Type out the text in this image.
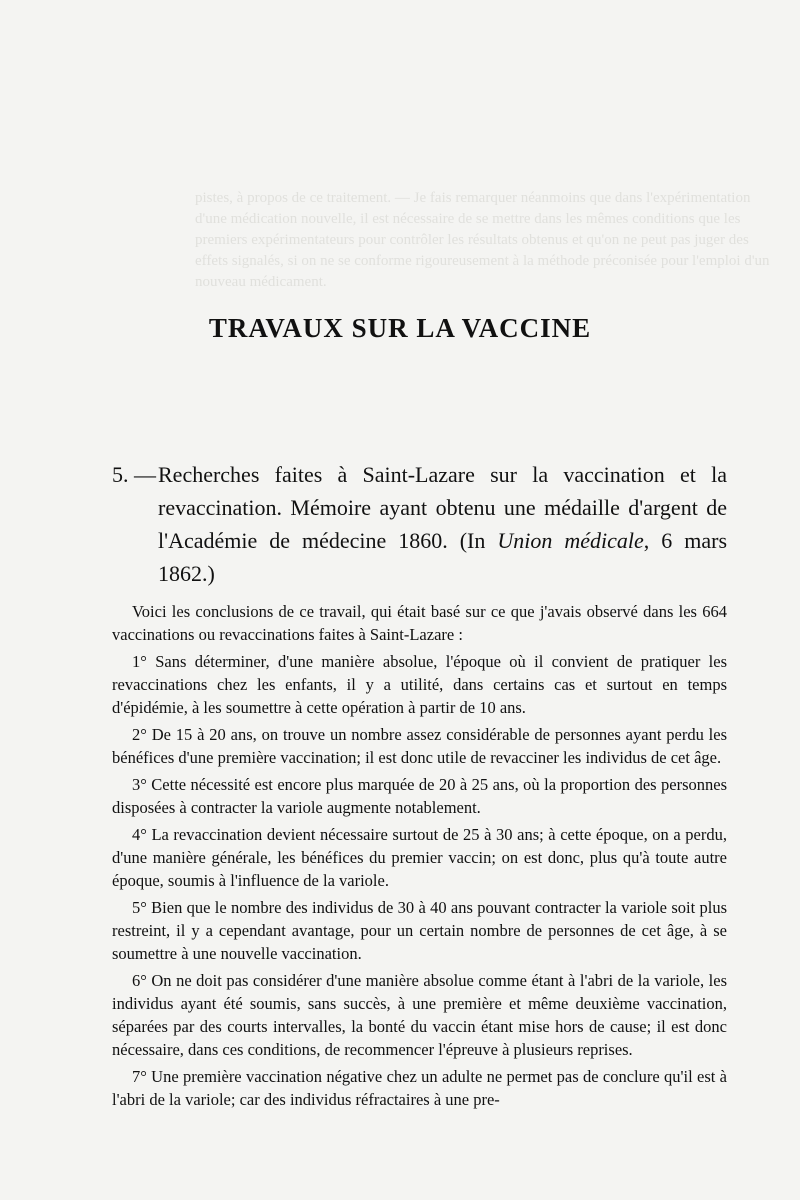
pistes, à propos de ce traitement. — Je fais remarquer néanmoins que dans l'expérimentation d'une médication nouvelle, il est nécessaire de se mettre dans les mêmes conditions que les premiers expérimentateurs pour contrôler les résultats obtenus et qu'on ne peut pas juger des effets signalés, si on ne se conforme rigoureusement à la méthode préconisée pour l'emploi d'un nouveau médicament.
TRAVAUX SUR LA VACCINE
5. — Recherches faites à Saint-Lazare sur la vaccination et la revaccination. Mémoire ayant obtenu une médaille d'argent de l'Académie de médecine 1860. (In Union médicale, 6 mars 1862.)

Voici les conclusions de ce travail, qui était basé sur ce que j'avais observé dans les 664 vaccinations ou revaccinations faites à Saint-Lazare :

1° Sans déterminer, d'une manière absolue, l'époque où il convient de pratiquer les revaccinations chez les enfants, il y a utilité, dans certains cas et surtout en temps d'épidémie, à les soumettre à cette opération à partir de 10 ans.

2° De 15 à 20 ans, on trouve un nombre assez considérable de personnes ayant perdu les bénéfices d'une première vaccination; il est donc utile de revacciner les individus de cet âge.

3° Cette nécessité est encore plus marquée de 20 à 25 ans, où la proportion des personnes disposées à contracter la variole augmente notablement.

4° La revaccination devient nécessaire surtout de 25 à 30 ans; à cette époque, on a perdu, d'une manière générale, les bénéfices du premier vaccin; on est donc, plus qu'à toute autre époque, soumis à l'influence de la variole.

5° Bien que le nombre des individus de 30 à 40 ans pouvant contracter la variole soit plus restreint, il y a cependant avantage, pour un certain nombre de personnes de cet âge, à se soumettre à une nouvelle vaccination.

6° On ne doit pas considérer d'une manière absolue comme étant à l'abri de la variole, les individus ayant été soumis, sans succès, à une première et même deuxième vaccination, séparées par des courts intervalles, la bonté du vaccin étant mise hors de cause; il est donc nécessaire, dans ces conditions, de recommencer l'épreuve à plusieurs reprises.

7° Une première vaccination négative chez un adulte ne permet pas de conclure qu'il est à l'abri de la variole; car des individus réfractaires à une pre-
